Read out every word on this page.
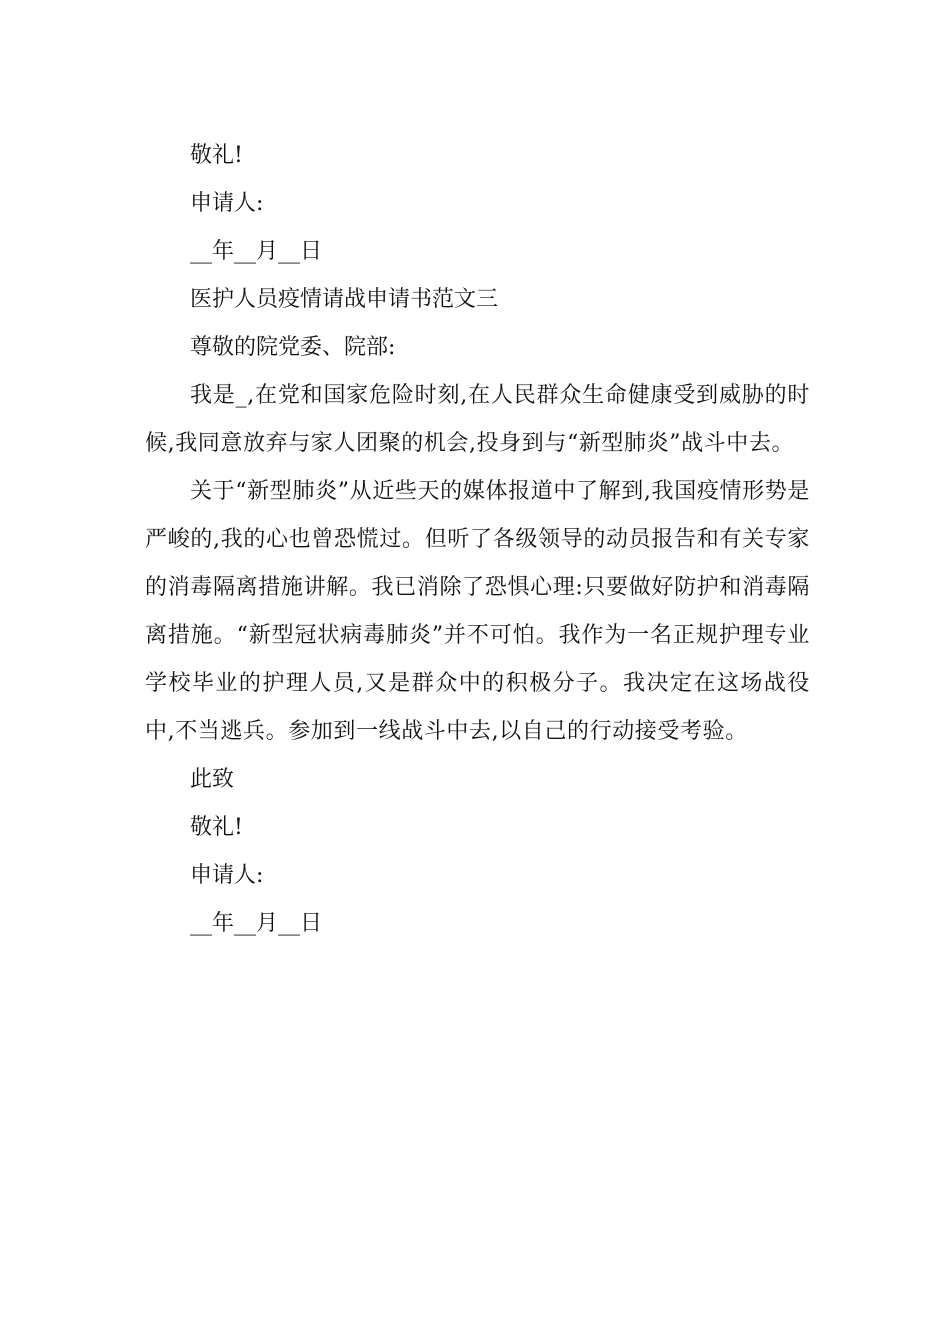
敬礼!

申请人:

__年__月__日

医护人员疫情请战申请书范文三

尊敬的院党委、院部:

我是_,在党和国家危险时刻,在人民群众生命健康受到威胁的时候,我同意放弃与家人团聚的机会,投身到与“新型肺炎”战斗中去。

关于“新型肺炎”从近些天的媒体报道中了解到,我国疫情形势是严峻的,我的心也曾恐慌过。但听了各级领导的动员报告和有关专家的消毒隔离措施讲解。我已消除了恐惧心理:只要做好防护和消毒隔离措施。“新型冠状病毒肺炎”并不可怕。我作为一名正规护理专业学校毕业的护理人员,又是群众中的积极分子。我决定在这场战役中,不当逃兵。参加到一线战斗中去,以自己的行动接受考验。

此致

敬礼!

申请人:

__年__月__日
